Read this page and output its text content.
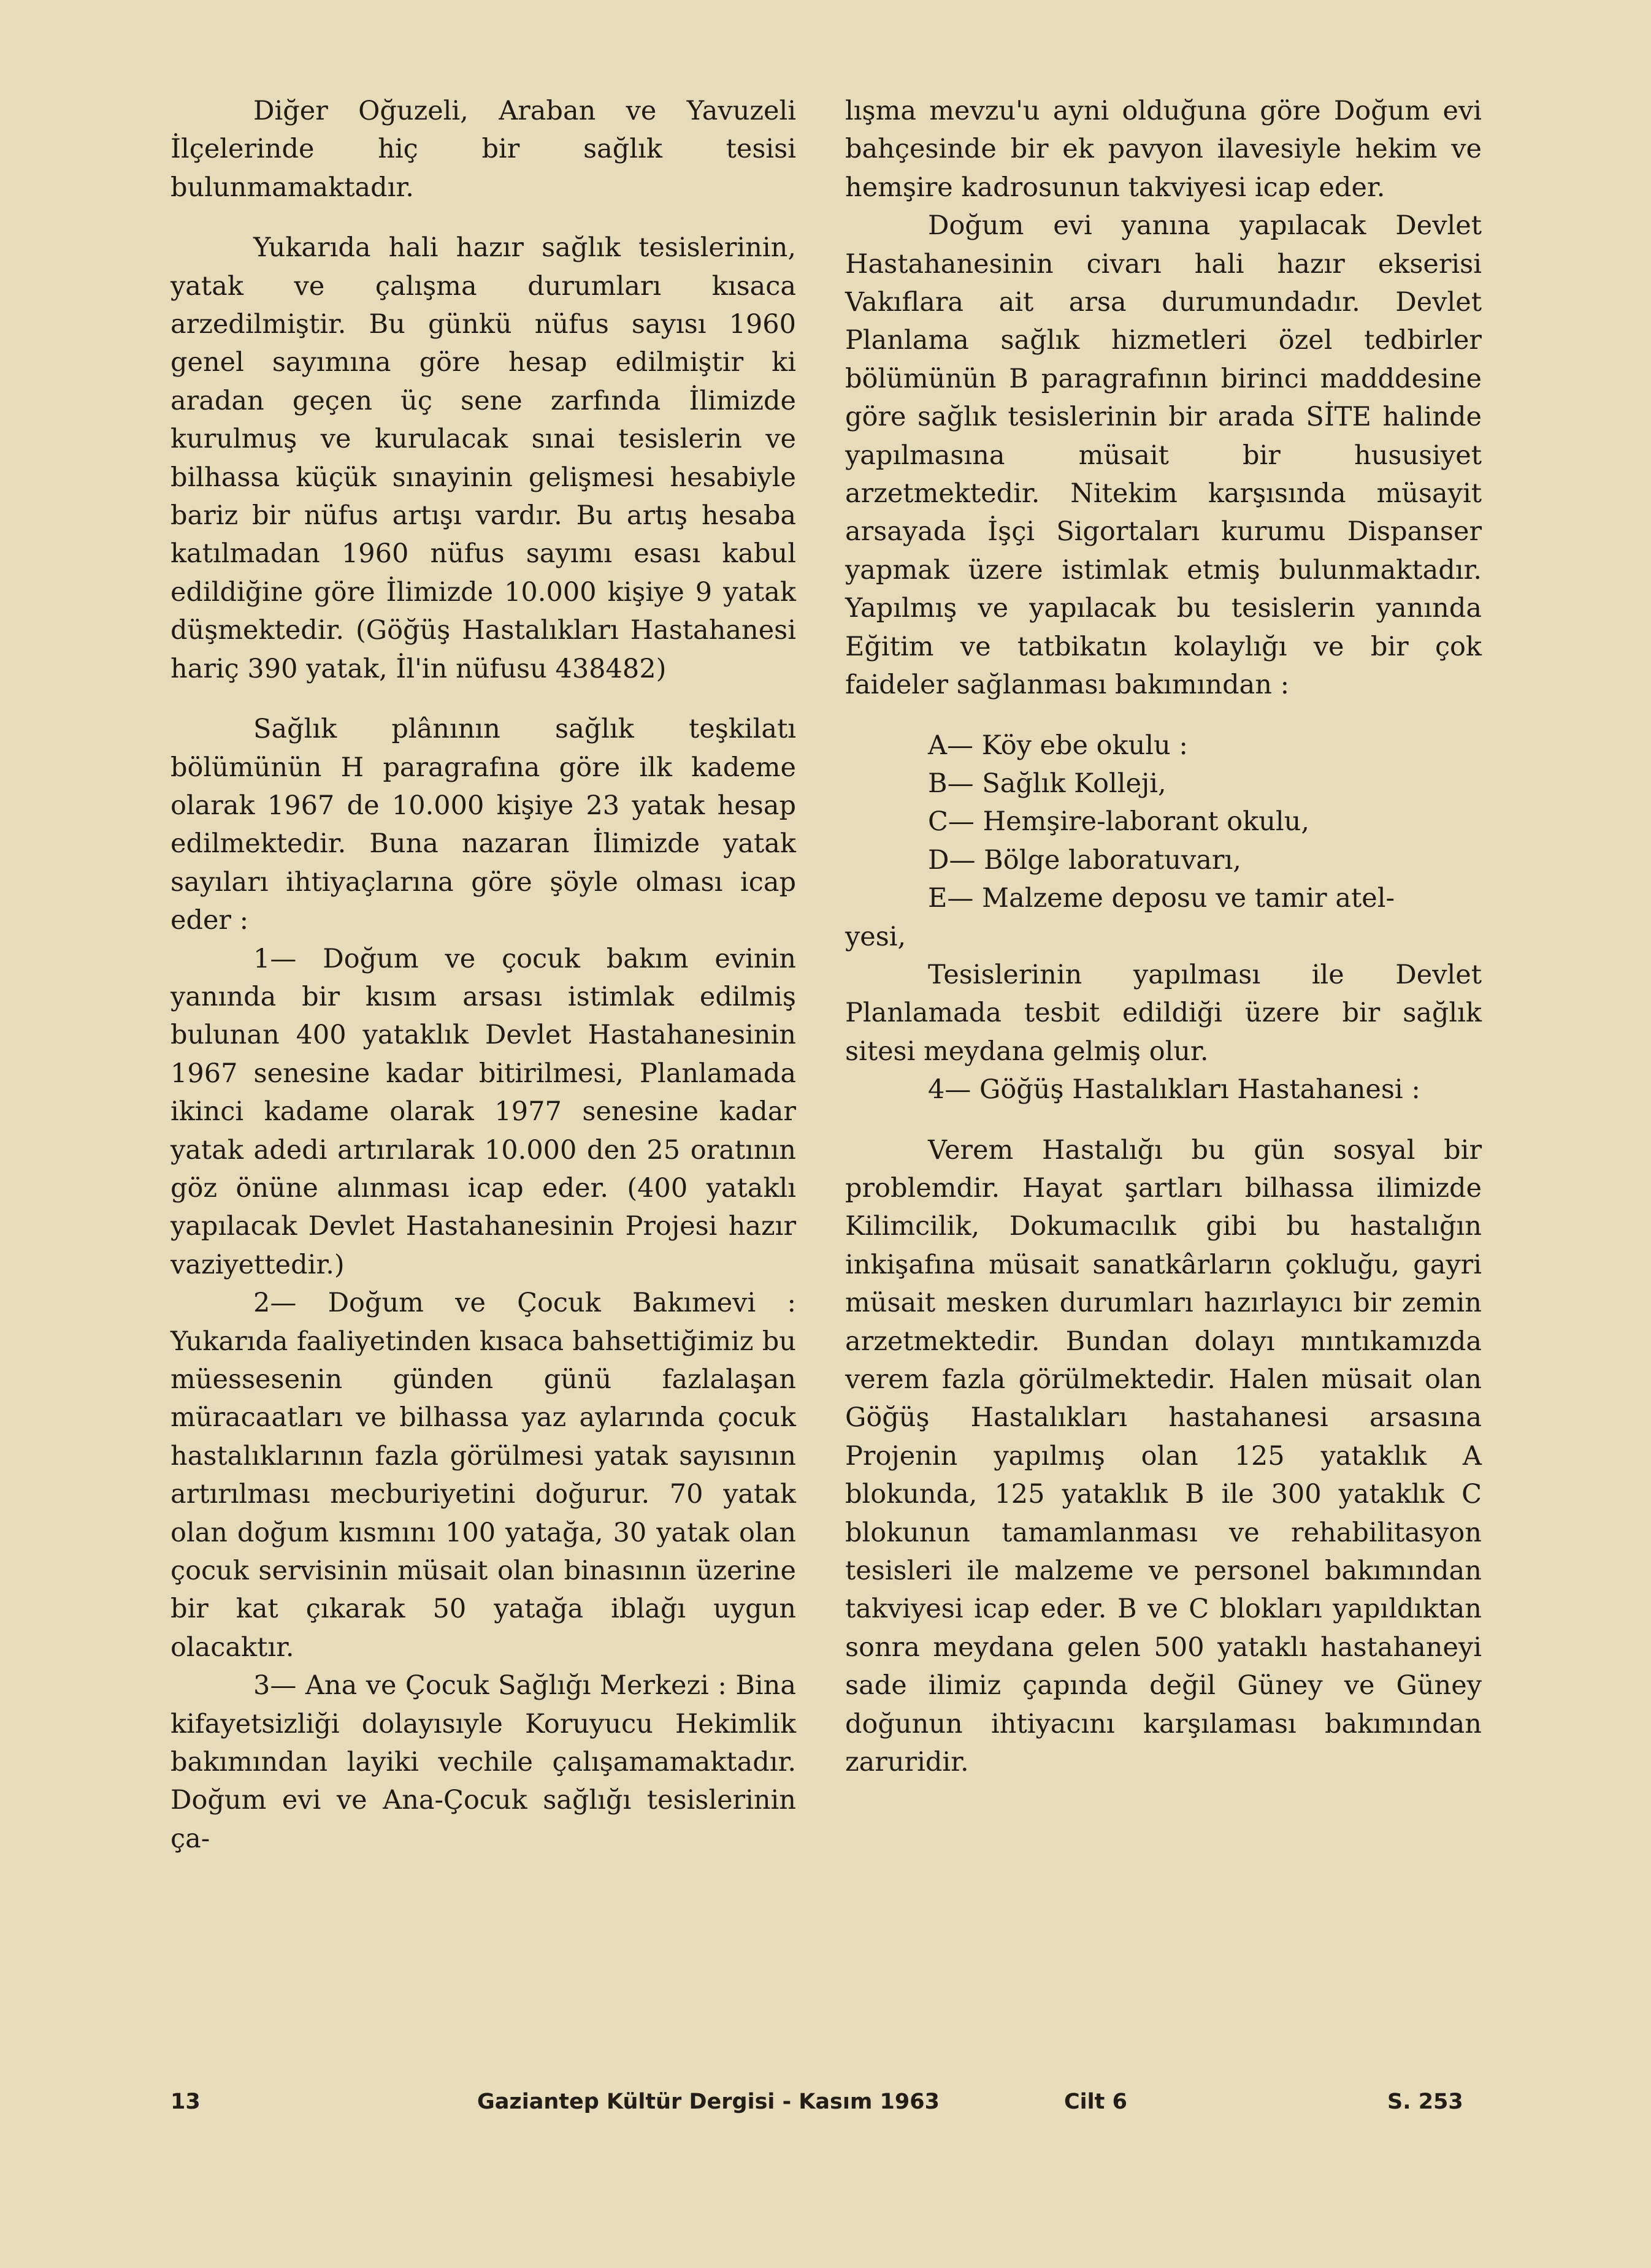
Diğer Oğuzeli, Araban ve Yavuzeli İlçelerinde hiç bir sağlık tesisi bulunmamaktadır.

Yukarıda hali hazır sağlık tesislerinin, yatak ve çalışma durumları kısaca arzedilmiştir. Bu günkü nüfus sayısı 1960 genel sayımına göre hesap edilmiştir ki aradan geçen üç sene zarfında İlimizde kurulmuş ve kurulacak sınai tesislerin ve bilhassa küçük sınayinin gelişmesi hesabiyle bariz bir nüfus artışı vardır. Bu artış hesaba katılmadan 1960 nüfus sayımı esası kabul edildiğine göre İlimizde 10.000 kişiye 9 yatak düşmektedir. (Göğüş Hastalıkları Hastahanesi hariç 390 yatak, İl'in nüfusu 438482)

Sağlık plânının sağlık teşkilatı bölümünün H paragrafına göre ilk kademe olarak 1967 de 10.000 kişiye 23 yatak hesap edilmektedir. Buna nazaran İlimizde yatak sayıları ihtiyaçlarına göre şöyle olması icap eder :

1— Doğum ve çocuk bakım evinin yanında bir kısım arsası istimlak edilmiş bulunan 400 yataklık Devlet Hastahanesinin 1967 senesine kadar bitirilmesi, Planlamada ikinci kadame olarak 1977 senesine kadar yatak adedi artırılarak 10.000 den 25 oratının göz önüne alınması icap eder. (400 yataklı yapılacak Devlet Hastahanesinin Projesi hazır vaziyettedir.)

2— Doğum ve Çocuk Bakımevi : Yukarıda faaliyetinden kısaca bahsettiğimiz bu müessesenin günden günü fazlalaşan müracaatları ve bilhassa yaz aylarında çocuk hastalıklarının fazla görülmesi yatak sayısının artırılması mecburiyetini doğurur. 70 yatak olan doğum kısmını 100 yatağa, 30 yatak olan çocuk servisinin müsait olan binasının üzerine bir kat çıkarak 50 yatağa iblağı uygun olacaktır.

3— Ana ve Çocuk Sağlığı Merkezi : Bina kifayetsizliği dolayısıyle Koruyucu Hekimlik bakımından layiki vechile çalışamamaktadır. Doğum evi ve Ana-Çocuk sağlığı tesislerinin ça-

lışma mevzu'u ayni olduğuna göre Doğum evi bahçesinde bir ek pavyon ilavesiyle hekim ve hemşire kadrosunun takviyesi icap eder.

Doğum evi yanına yapılacak Devlet Hastahanesinin civarı hali hazır ekserisi Vakıflara ait arsa durumundadır. Devlet Planlama sağlık hizmetleri özel tedbirler bölümünün B paragrafının birinci madddesine göre sağlık tesislerinin bir arada SİTE halinde yapılmasına müsait bir hususiyet arzetmektedir. Nitekim karşısında müsayit arsayada İşçi Sigortaları kurumu Dispanser yapmak üzere istimlak etmiş bulunmaktadır. Yapılmış ve yapılacak bu tesislerin yanında Eğitim ve tatbikatın kolaylığı ve bir çok faideler sağlanması bakımından :

A— Köy ebe okulu :
B— Sağlık Kolleji,
C— Hemşire-laborant okulu,
D— Bölge laboratuvarı,
E— Malzeme deposu ve tamir atel-

yesi,

Tesislerinin yapılması ile Devlet Planlamada tesbit edildiği üzere bir sağlık sitesi meydana gelmiş olur.

4— Göğüş Hastalıkları Hastahanesi :

Verem Hastalığı bu gün sosyal bir problemdir. Hayat şartları bilhassa ilimizde Kilimcilik, Dokumacılık gibi bu hastalığın inkişafına müsait sanatkârların çokluğu, gayri müsait mesken durumları hazırlayıcı bir zemin arzetmektedir. Bundan dolayı mıntıkamızda verem fazla görülmektedir. Halen müsait olan Göğüş Hastalıkları hastahanesi arsasına Projenin yapılmış olan 125 yataklık A blokunda, 125 yataklık B ile 300 yataklık C blokunun tamamlanması ve rehabilitasyon tesisleri ile malzeme ve personel bakımından takviyesi icap eder. B ve C blokları yapıldıktan sonra meydana gelen 500 yataklı hastahaneyi sade ilimiz çapında değil Güney ve Güney doğunun ihtiyacını karşılaması bakımından zaruridir.

13	Gaziantep Kültür Dergisi - Kasım 1963	Cilt 6	S. 253
